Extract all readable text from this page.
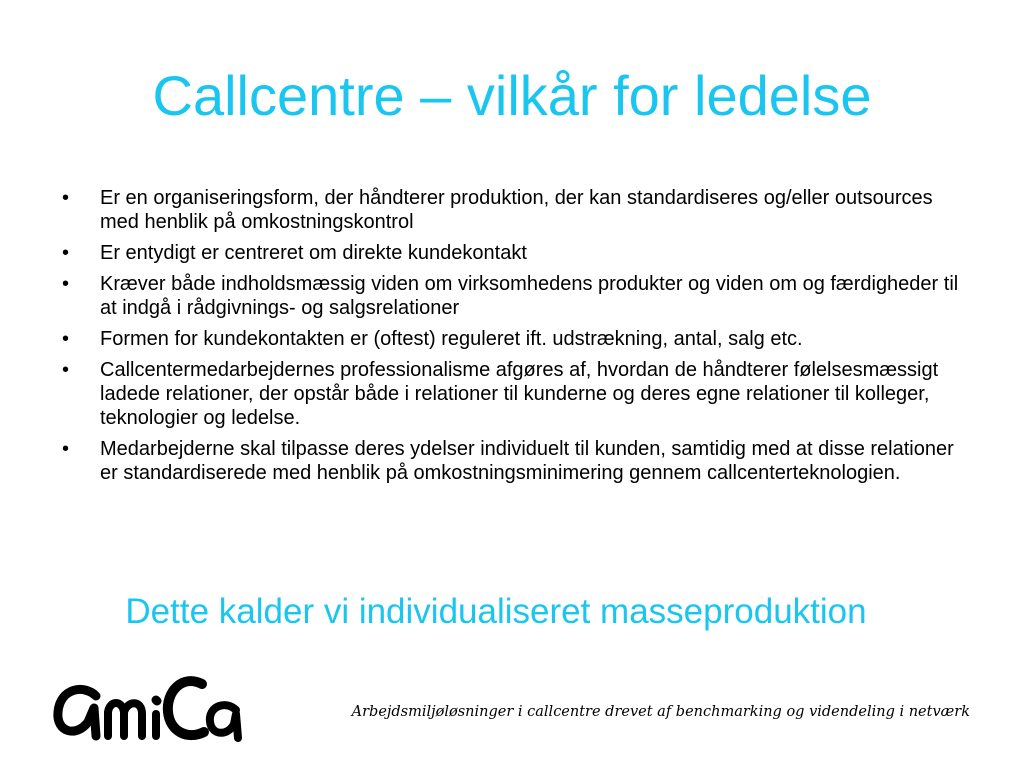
Callcentre – vilkår for ledelse
•	Er en organiseringsform, der håndterer produktion, der kan standardiseres og/eller outsources med henblik på omkostningskontrol
•	Er entydigt er centreret om direkte kundekontakt
•	Kræver både indholdsmæssig viden om virksomhedens produkter og viden om og færdigheder til at indgå i rådgivnings- og salgsrelationer
•	Formen for kundekontakten er (oftest) reguleret ift. udstrækning, antal, salg etc.
•	Callcentermedarbejdernes professionalisme afgøres af, hvordan de håndterer følelsesmæssigt ladede relationer, der opstår både i relationer til kunderne og deres egne relationer til kolleger, teknologier og ledelse.
•	Medarbejderne skal tilpasse deres ydelser individuelt til kunden, samtidig med at disse relationer er standardiserede med henblik på omkostningsminimering gennem callcenterteknologien.
Dette kalder vi individualiseret masseproduktion
Arbejdsmiljøløsninger i callcentre drevet af benchmarking og videndeling i netværk
